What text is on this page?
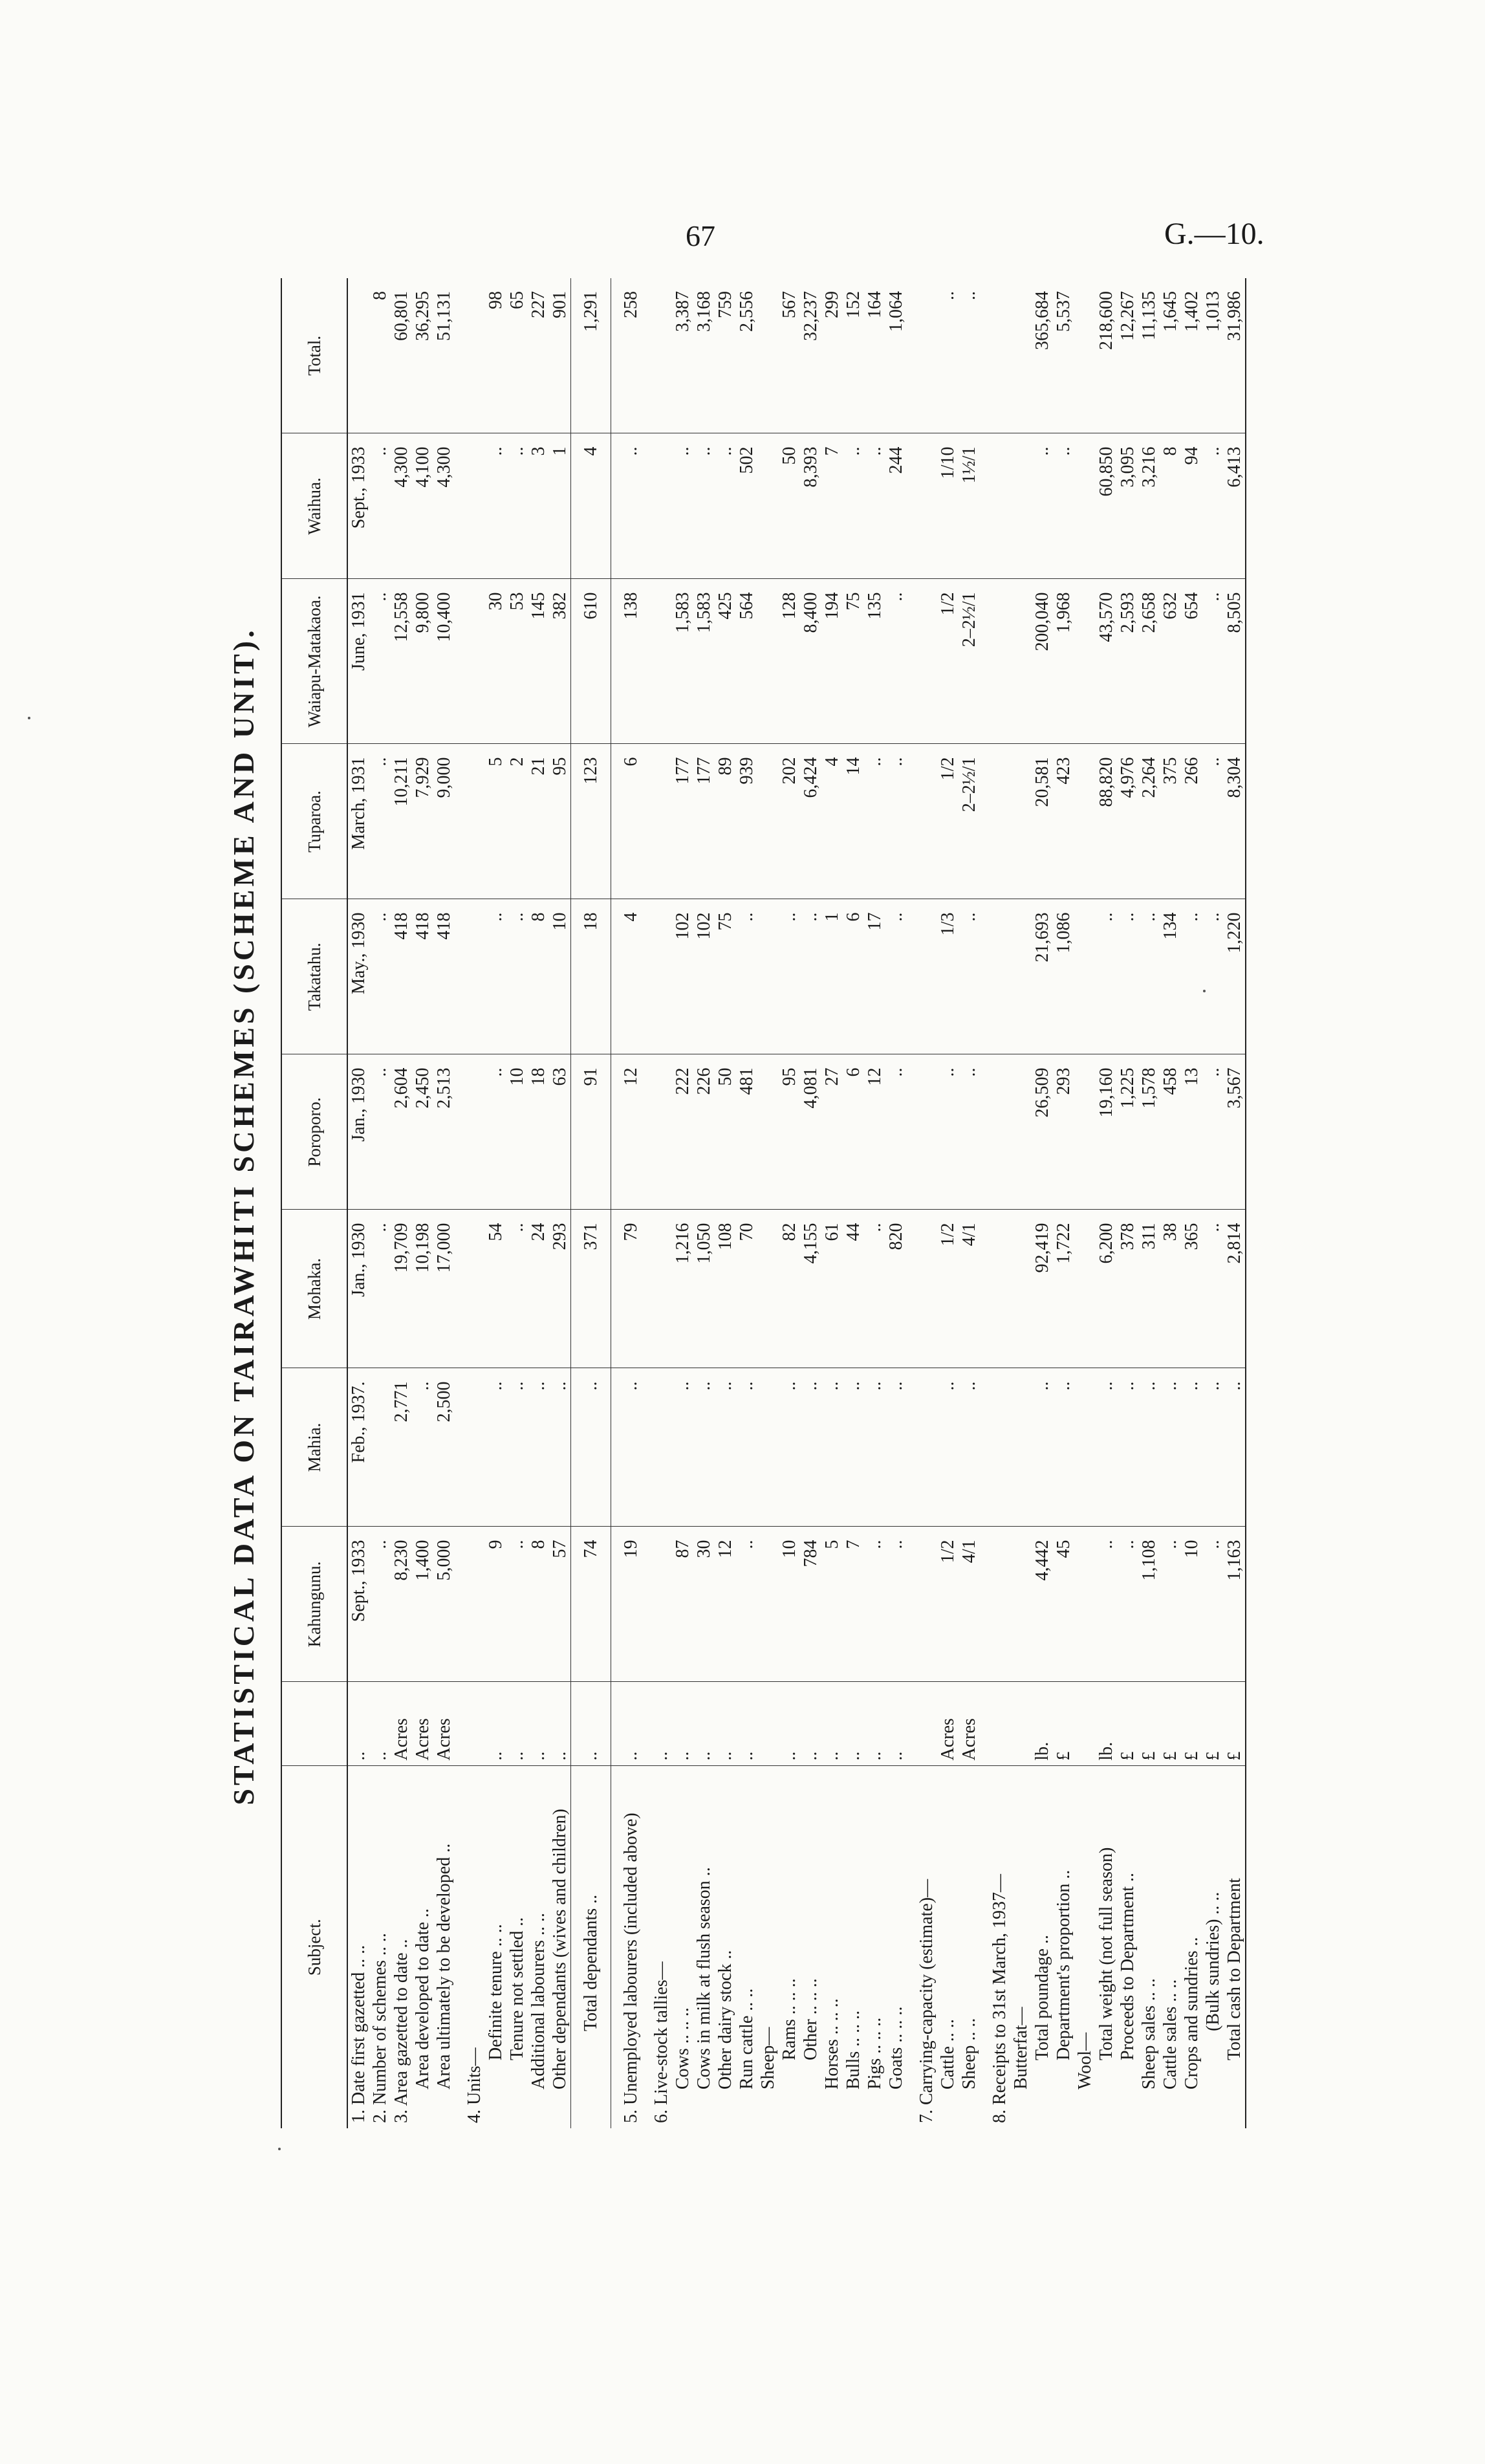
67	G.—10.
STATISTICAL DATA ON TAIRAWHITI SCHEMES (SCHEME AND UNIT).
Subject.		Kahungunu.	Mahia.	Mohaka.	Poroporo.	Takatahu.	Tuparoa.	Waiapu-Matakaoa.	Waihua.	Total.
1. Date first gazetted .. ..	..	Sept., 1933	Feb., 1937.	Jan., 1930	Jan., 1930	May., 1930	March, 1931	June, 1931	Sept., 1933	
2. Number of schemes .. ..	..	..		..	..	..	..	..	..	8
3. Area gazetted to date ..	Acres	8,230	2,771	19,709	2,604	418	10,211	12,558	4,300	60,801
Area developed to date ..	Acres	1,400	..	10,198	2,450	418	7,929	9,800	4,100	36,295
Area ultimately to be developed ..	Acres	5,000	2,500	17,000	2,513	418	9,000	10,400	4,300	51,131

4. Units—										
Definite tenure .. ..	..	9	..	54	..	..	5	30	..	98
Tenure not settled ..	..	..	..	..	10	..	2	53	..	65
Additional labourers .. ..	..	8	..	24	18	8	21	145	3	227
Other dependants (wives and children)	..	57	..	293	63	10	95	382	1	901
Total dependants ..	..	74	..	371	91	18	123	610	4	1,291

5. Unemployed labourers (included above)	..	19	..	79	12	4	6	138	..	258

6. Live-stock tallies—	..									
Cows .. .. ..	..	87	..	1,216	222	102	177	1,583	..	3,387
Cows in milk at flush season ..	..	30	..	1,050	226	102	177	1,583	..	3,168
Other dairy stock ..	..	12	..	108	50	75	89	425	..	759
Run cattle .. ..	..	..	..	70	481	..	939	564	502	2,556
Sheep—										
Rams .. .. ..	..	10	..	82	95	..	202	128	50	567
Other .. .. ..	..	784	..	4,155	4,081	..	6,424	8,400	8,393	32,237
Horses .. .. ..	..	5	..	61	27	1	4	194	7	299
Bulls .. .. ..	..	7	..	44	6	6	14	75	..	152
Pigs .. .. ..	..	..	..	..	12	17	..	135	..	164
Goats .. .. ..	..	..	..	820	..	..	..	..	244	1,064

7. Carrying-capacity (estimate)—										
Cattle .. ..	Acres	1/2	..	1/2	..	1/3	1/2	1/2	1/10	..
Sheep .. ..	Acres	4/1	..	4/1	..	..	2–2½/1	2–2½/1	1½/1	..

8. Receipts to 31st March, 1937—										
Butterfat—										
Total poundage ..	lb.	4,442	..	92,419	26,509	21,693	20,581	200,040	..	365,684
Department's proportion ..	£	45	..	1,722	293	1,086	423	1,968	..	5,537
Wool—										
Total weight (not full season)	lb.	..	..	6,200	19,160	..	88,820	43,570	60,850	218,600
Proceeds to Department ..	£	..	..	378	1,225	..	4,976	2,593	3,095	12,267
Sheep sales .. ..	£	1,108	..	311	1,578	..	2,264	2,658	3,216	11,135
Cattle sales .. ..	£	..	..	38	458	134	375	632	8	1,645
Crops and sundries ..	£	10	..	365	13	..	266	654	94	1,402
(Bulk sundries) .. ..	£	..	..	..	..	..	..	..	..	1,013
Total cash to Department	£	1,163	..	2,814	3,567	1,220	8,304	8,505	6,413	31,986
